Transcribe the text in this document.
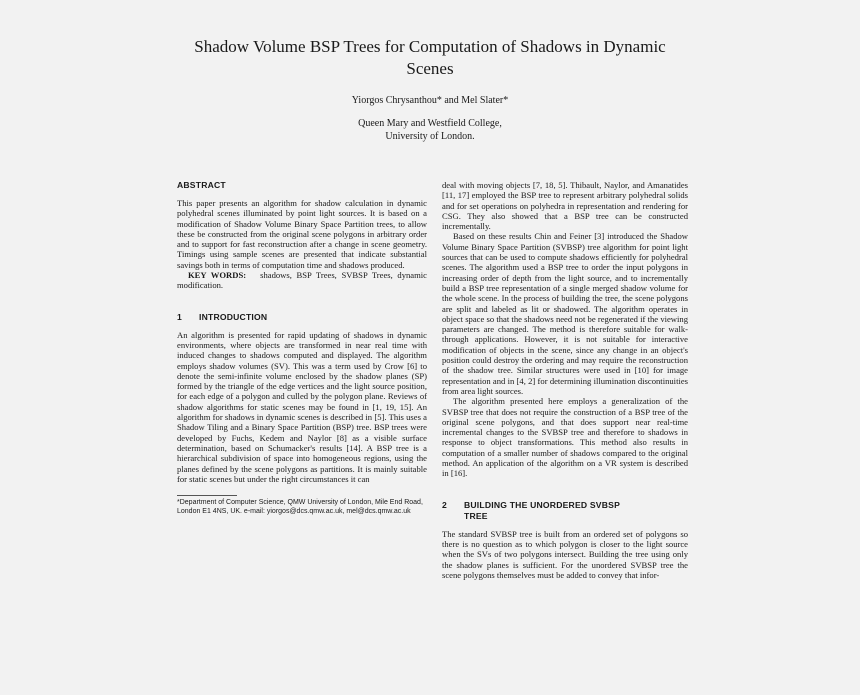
Shadow Volume BSP Trees for Computation of Shadows in Dynamic
Scenes
Yiorgos Chrysanthou* and Mel Slater*
Queen Mary and Westfield College,
University of London.
ABSTRACT

This paper presents an algorithm for shadow calculation in dynamic polyhedral scenes illuminated by point light sources. It is based on a modification of Shadow Volume Binary Space Partition trees, to allow these be constructed from the original scene polygons in arbitrary order and to support for fast reconstruction after a change in scene geometry. Timings using sample scenes are presented that indicate substantial savings both in terms of computation time and shadows produced.

KEY WORDS: shadows, BSP Trees, SVBSP Trees, dynamic modification.

1 INTRODUCTION

An algorithm is presented for rapid updating of shadows in dynamic environments, where objects are transformed in near real time with induced changes to shadows computed and displayed. The algorithm employs shadow volumes (SV). This was a term used by Crow [6] to denote the semi-infinite volume enclosed by the shadow planes (SP) formed by the triangle of the edge vertices and the light source position, for each edge of a polygon and culled by the polygon plane. Reviews of shadow algorithms for static scenes may be found in [1, 19, 15]. An algorithm for shadows in dynamic scenes is described in [5]. This uses a Shadow Tiling and a Binary Space Partition (BSP) tree. BSP trees were developed by Fuchs, Kedem and Naylor [8] as a visible surface determination, based on Schumacker's results [14]. A BSP tree is a hierarchical subdivision of space into homogeneous regions, using the planes defined by the scene polygons as partitions. It is mainly suitable for static scenes but under the right circumstances it can

*Department of Computer Science, QMW University of London, Mile End Road, London E1 4NS, UK. e-mail: yiorgos@dcs.qmw.ac.uk, mel@dcs.qmw.ac.uk

deal with moving objects [7, 18, 5]. Thibault, Naylor, and Amanatides [11, 17] employed the BSP tree to represent arbitrary polyhedral solids and for set operations on polyhedra in representation and rendering for CSG. They also showed that a BSP tree can be constructed incrementally.

Based on these results Chin and Feiner [3] introduced the Shadow Volume Binary Space Partition (SVBSP) tree algorithm for point light sources that can be used to compute shadows efficiently for polyhedral scenes. The algorithm used a BSP tree to order the input polygons in increasing order of depth from the light source, and to incrementally build a BSP tree representation of a single merged shadow volume for the whole scene. In the process of building the tree, the scene polygons are split and labeled as lit or shadowed. The algorithm operates in object space so that the shadows need not be regenerated if the viewing parameters are changed. The method is therefore suitable for walk-through applications. However, it is not suitable for interactive modification of objects in the scene, since any change in an object's position could destroy the ordering and may require the reconstruction of the shadow tree. Similar structures were used in [10] for image representation and in [4, 2] for determining illumination discontinuities from area light sources.

The algorithm presented here employs a generalization of the SVBSP tree that does not require the construction of a BSP tree of the original scene polygons, and that does support near real-time incremental changes to the SVBSP tree and therefore to shadows in response to object transformations. This method also results in computation of a smaller number of shadows compared to the original method. An application of the algorithm on a VR system is described in [16].

2 BUILDING THE UNORDERED SVBSP
TREE

The standard SVBSP tree is built from an ordered set of polygons so there is no question as to which polygon is closer to the light source when the SVs of two polygons intersect. Building the tree using only the shadow planes is sufficient. For the unordered SVBSP tree the scene polygons themselves must be added to convey that infor-
